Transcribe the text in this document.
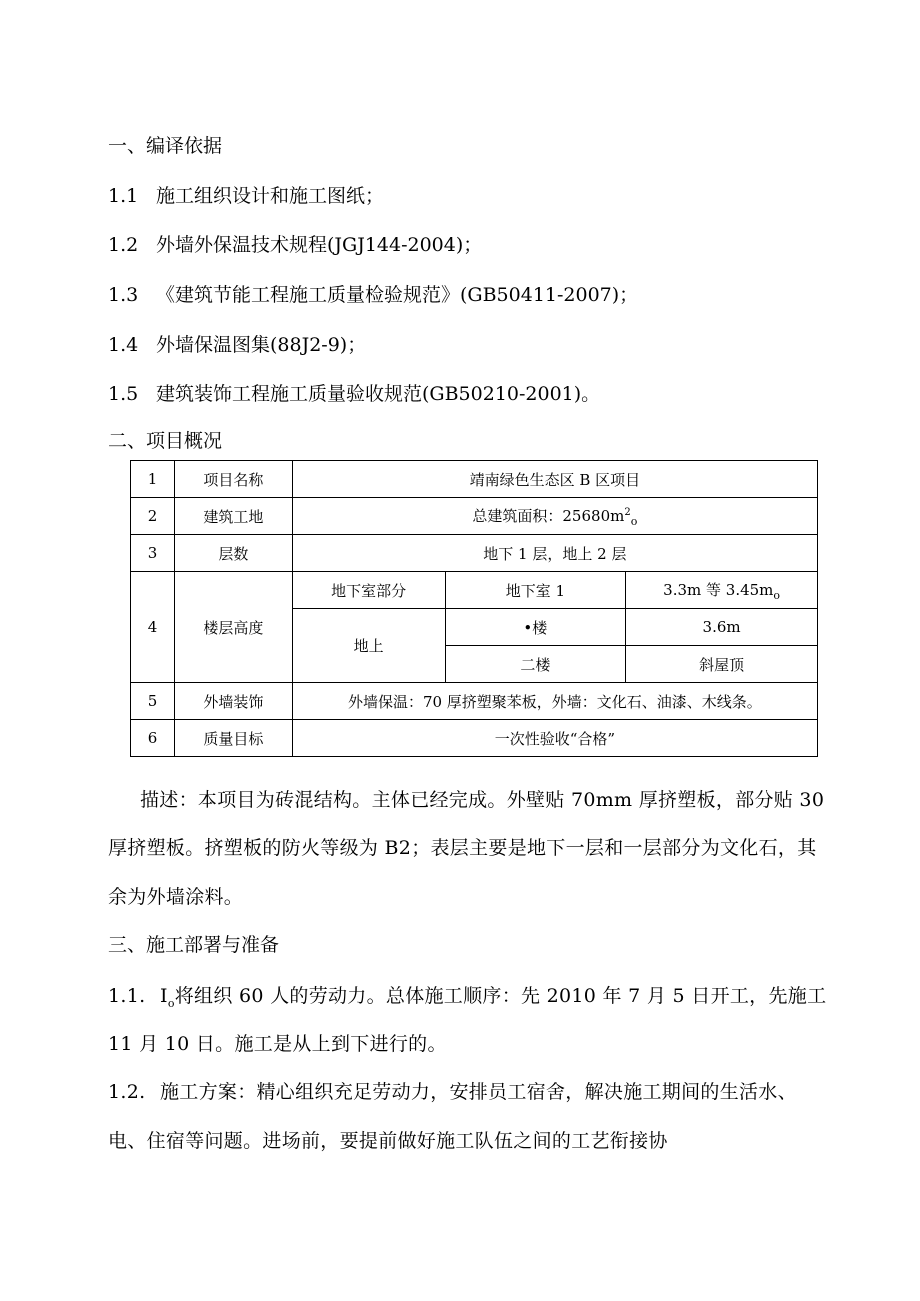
一、编译依据
1.1 施工组织设计和施工图纸；
1.2 外墙外保温技术规程(JGJ144-2004)；
1.3 《建筑节能工程施工质量检验规范》(GB50411-2007)；
1.4 外墙保温图集(88J2-9)；
1.5 建筑装饰工程施工质量验收规范(GB50210-2001)。
二、项目概况
1	项目名称	靖南绿色生态区 B 区项目		
2	建筑工地	总建筑面积：$25680m^2_o$
3	层数	地下 1 层，地上 2 层		
4	楼层高度	地下室部分	地下室 1	3.3m 等 $3.45m_o$
		地上	•楼	3.6m
			二楼	斜屋顶
5	外墙装饰	外墙保温：70 厚挤塑聚苯板，外墙：文化石、油漆、木线条。		
6	质量目标	一次性验收“合格”		
描述：本项目为砖混结构。主体已经完成。外壁贴 70mm 厚挤塑板，部分贴 30
厚挤塑板。挤塑板的防火等级为 B2；表层主要是地下一层和一层部分为文化石，其
余为外墙涂料。
三、施工部署与准备
1.1. $I_o$将组织 60 人的劳动力。总体施工顺序：先 2010 年 7 月 5 日开工，先施工
11 月 10 日。施工是从上到下进行的。
1.2. 施工方案：精心组织充足劳动力，安排员工宿舍，解决施工期间的生活水、
电、住宿等问题。进场前，要提前做好施工队伍之间的工艺衔接协
